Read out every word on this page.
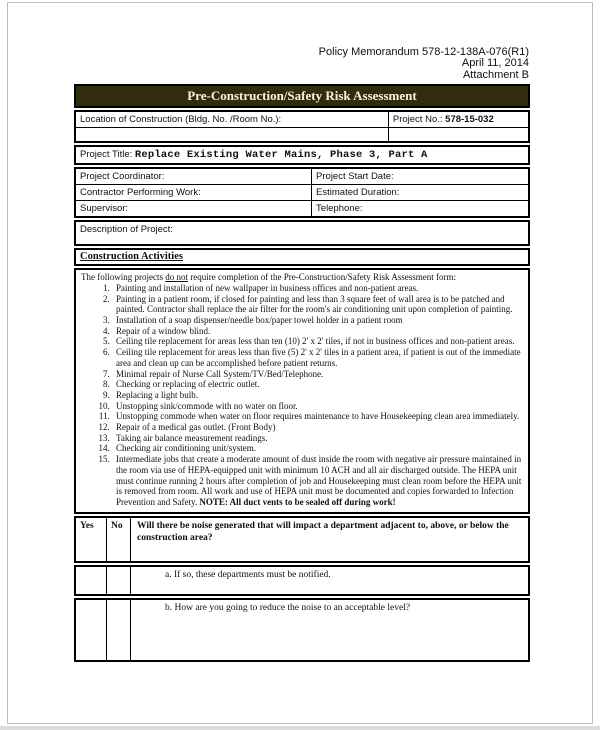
Policy Memorandum 578-12-138A-076(R1)
April 11, 2014
Attachment B
Pre-Construction/Safety Risk Assessment
Location of Construction (Bldg. No. /Room No.):	Project No.: 578-15-032
Project Title: Replace Existing Water Mains, Phase 3, Part A
Project Coordinator:	Project Start Date:
Contractor Performing Work:	Estimated Duration:
Supervisor:	Telephone:
Description of Project:
Construction Activities

The following projects do not require completion of the Pre-Construction/Safety Risk Assessment form:

1. Painting and installation of new wallpaper in business offices and non-patient areas.
2. Painting in a patient room, if closed for painting and less than 3 square feet of wall area is to be patched and painted. Contractor shall replace the air filter for the room's air conditioning unit upon completion of painting.
3. Installation of a soap dispenser/needle box/paper towel holder in a patient room
4. Repair of a window blind.
5. Ceiling tile replacement for areas less than ten (10) 2' x 2' tiles, if not in business offices and non-patient areas.
6. Ceiling tile replacement for areas less than five (5) 2' x 2' tiles in a patient area, if patient is out of the immediate area and clean up can be accomplished before patient returns.
7. Minimal repair of Nurse Call System/TV/Bed/Telephone.
8. Checking or replacing of electric outlet.
9. Replacing a light bulb.
10. Unstopping sink/commode with no water on floor.
11. Unstopping commode when water on floor requires maintenance to have Housekeeping clean area immediately.
12. Repair of a medical gas outlet. (Front Body)
13. Taking air balance measurement readings.
14. Checking air conditioning unit/system.
15. Intermediate jobs that create a moderate amount of dust inside the room with negative air pressure maintained in the room via use of HEPA-equipped unit with minimum 10 ACH and all air discharged outside. The HEPA unit must continue running 2 hours after completion of job and Housekeeping must clean room before the HEPA unit is removed from room. All work and use of HEPA unit must be documented and copies forwarded to Infection Prevention and Safety. NOTE: All duct vents to be sealed off during work!
Yes	No	Will there be noise generated that will impact a department adjacent to, above, or below the construction area?
a. If so, these departments must be notified.
b. How are you going to reduce the noise to an acceptable level?
